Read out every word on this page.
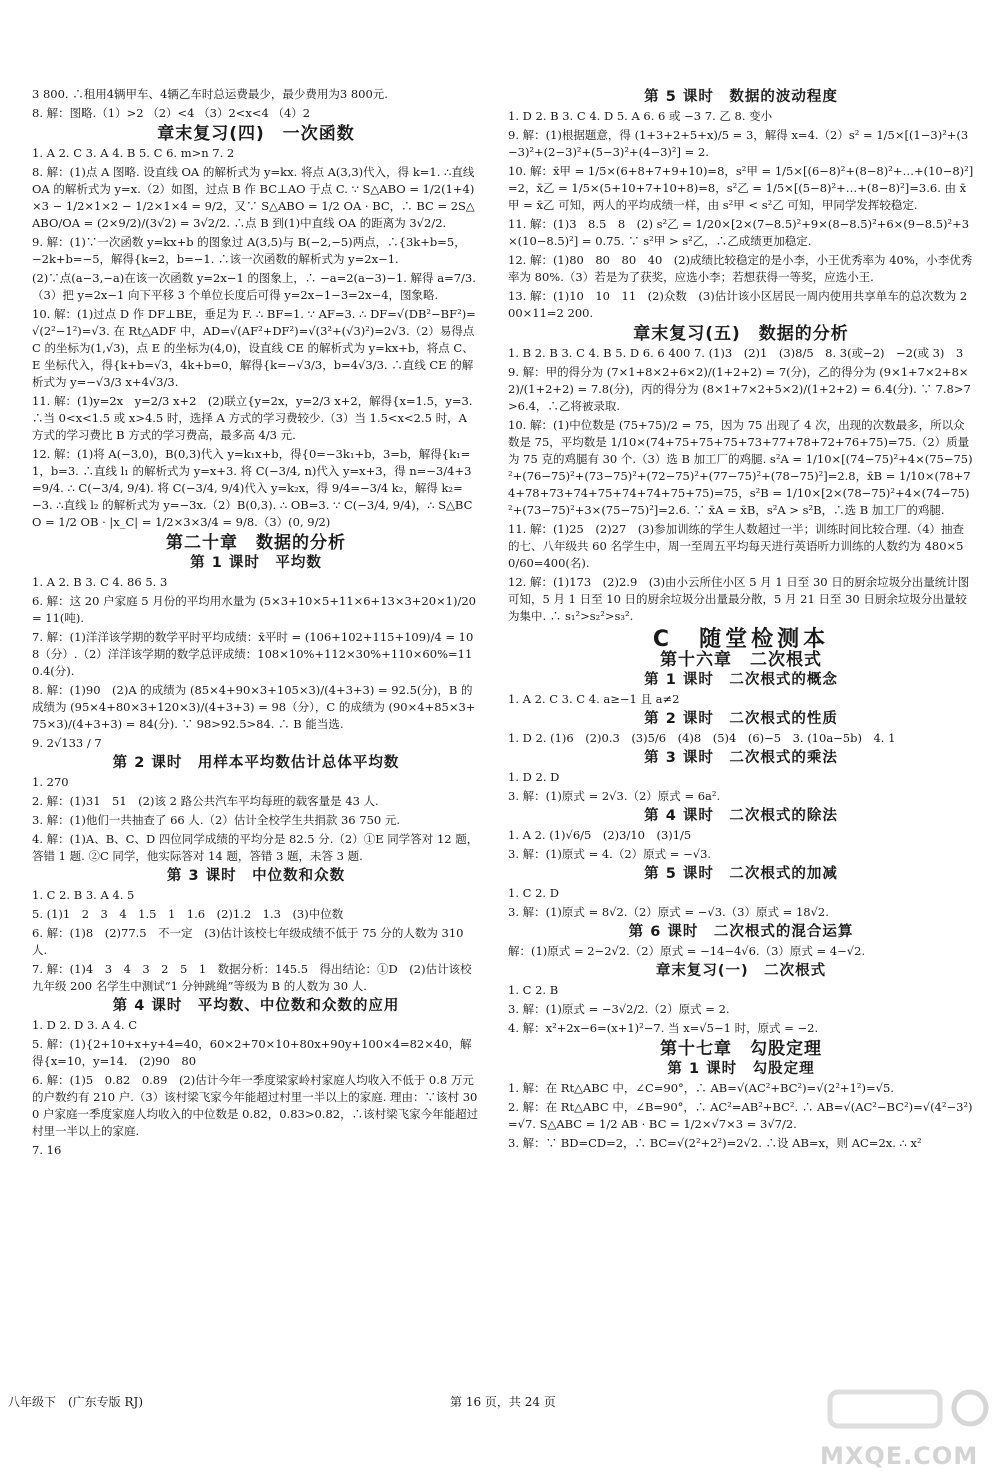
3 800. ∴租用4辆甲车、4辆乙车时总运费最少，最少费用为3 800元.

8. 解：图略.（1）>2 （2）<4 （3）2<x<4 （4）2

章末复习(四)　一次函数

1. A 2. C 3. A 4. B 5. C 6. m>n 7. 2

8. 解：(1)点 A 图略. 设直线 OA 的解析式为 y=kx. 将点 A(3,3)代入，得 k=1. ∴直线 OA 的解析式为 y=x.（2）如图，过点 B 作 BC⊥AO 于点 C. ∵ S△ABO = 1/2(1+4)×3 − 1/2×1×2 − 1/2×1×4 = 9/2，又∵ S△ABO = 1/2 OA · BC，∴ BC = 2S△ABO/OA = (2×9/2)/(3√2) = 3√2/2. ∴点 B 到(1)中直线 OA 的距离为 3√2/2.

9. 解：(1)∵一次函数 y=kx+b 的图象过 A(3,5)与 B(−2,−5)两点，∴{3k+b=5，−2k+b=−5，解得{k=2，b=−1. ∴该一次函数的解析式为 y=2x−1.

(2)∵点(a−3,−a)在该一次函数 y=2x−1 的图象上，∴ −a=2(a−3)−1. 解得 a=7/3.（3）把 y=2x−1 向下平移 3 个单位长度后可得 y=2x−1−3=2x−4，图象略.

10. 解：(1)过点 D 作 DF⊥BE，垂足为 F. ∴ BF=1. ∵ AF=3. ∴ DF=√(DB²−BF²)=√(2²−1²)=√3. 在 Rt△ADF 中，AD=√(AF²+DF²)=√(3²+(√3)²)=2√3.（2）易得点 C 的坐标为(1,√3)，点 E 的坐标为(4,0)，设直线 CE 的解析式为 y=kx+b，将点 C、E 坐标代入，得{k+b=√3，4k+b=0，解得{k=−√3/3，b=4√3/3. ∴直线 CE 的解析式为 y=−√3/3 x+4√3/3.

11. 解：(1)y=2x　y=2/3 x+2　(2)联立{y=2x，y=2/3 x+2，解得{x=1.5，y=3. ∴当 0<x<1.5 或 x>4.5 时，选择 A 方式的学习费较少.（3）当 1.5<x<2.5 时，A 方式的学习费比 B 方式的学习费高，最多高 4/3 元.

12. 解：(1)将 A(−3,0)，B(0,3)代入 y=k₁x+b，得{0=−3k₁+b，3=b，解得{k₁=1，b=3. ∴直线 l₁ 的解析式为 y=x+3. 将 C(−3/4, n)代入 y=x+3，得 n=−3/4+3=9/4. ∴ C(−3/4, 9/4). 将 C(−3/4, 9/4)代入 y=k₂x，得 9/4=−3/4 k₂，解得 k₂=−3. ∴直线 l₂ 的解析式为 y=−3x.（2）B(0,3). ∴ OB=3. ∵ C(−3/4, 9/4)，∴ S△BCO = 1/2 OB · |x_C| = 1/2×3×3/4 = 9/8.（3）(0, 9/2)

第二十章　数据的分析
第 1 课时　平均数

1. A 2. B 3. C 4. 86 5. 3

6. 解：这 20 户家庭 5 月份的平均用水量为 (5×3+10×5+11×6+13×3+20×1)/20 = 11(吨).

7. 解：(1)洋洋该学期的数学平时平均成绩：x̄平时 = (106+102+115+109)/4 = 108（分）.（2）洋洋该学期的数学总评成绩：108×10%+112×30%+110×60%=110.4(分).

8. 解：(1)90　(2)A 的成绩为 (85×4+90×3+105×3)/(4+3+3) = 92.5(分)，B 的成绩为 (95×4+80×3+120×3)/(4+3+3) = 98（分），C 的成绩为 (90×4+85×3+75×3)/(4+3+3) = 84(分). ∵ 98>92.5>84. ∴ B 能当选.

9. 2√133 / 7

第 2 课时　用样本平均数估计总体平均数

1. 270

2. 解：(1)31　51　(2)该 2 路公共汽车平均每班的载客量是 43 人.

3. 解：(1)他们一共抽查了 66 人.（2）估计全校学生共捐款 36 750 元.

4. 解：(1)A、B、C、D 四位同学成绩的平均分是 82.5 分.（2）①E 同学答对 12 题，答错 1 题. ②C 同学，他实际答对 14 题，答错 3 题，未答 3 题.

第 3 课时　中位数和众数

1. C 2. B 3. A 4. 5

5. (1)1　2　3　4　1.5　1　1.6　(2)1.2　1.3　(3)中位数

6. 解：(1)8　(2)77.5　不一定　(3)估计该校七年级成绩不低于 75 分的人数为 310 人.

7. 解：(1)4　3　4　3　2　5　1　数据分析：145.5　得出结论：①D　(2)估计该校九年级 200 名学生中测试“1 分钟跳绳”等级为 B 的人数为 30 人.

第 4 课时　平均数、中位数和众数的应用

1. D 2. D 3. A 4. C

5. 解：(1){2+10+x+y+4=40，60×2+70×10+80x+90y+100×4=82×40，解得{x=10，y=14.　(2)90　80

6. 解：(1)5　0.82　0.89　(2)估计今年一季度梁家岭村家庭人均收入不低于 0.8 万元的户数约有 210 户.（3）该村梁飞家今年能超过村里一半以上的家庭. 理由：∵该村 300 户家庭一季度家庭人均收入的中位数是 0.82，0.83>0.82，∴该村梁飞家今年能超过村里一半以上的家庭.

7. 16

第 5 课时　数据的波动程度

1. D 2. B 3. C 4. D 5. A 6. 6 或 −3 7. 乙 8. 变小

9. 解：(1)根据题意，得 (1+3+2+5+x)/5 = 3，解得 x=4.（2）s² = 1/5×[(1−3)²+(3−3)²+(2−3)²+(5−3)²+(4−3)²] = 2.

10. 解：x̄甲 = 1/5×(6+8+7+9+10)=8，s²甲 = 1/5×[(6−8)²+(8−8)²+…+(10−8)²]=2，x̄乙 = 1/5×(5+10+7+10+8)=8，s²乙 = 1/5×[(5−8)²+…+(8−8)²]=3.6. 由 x̄甲 = x̄乙 可知，两人的平均成绩一样，由 s²甲 < s²乙 可知，甲同学发挥较稳定.

11. 解：(1)3　8.5　8　(2) s²乙 = 1/20×[2×(7−8.5)²+9×(8−8.5)²+6×(9−8.5)²+3×(10−8.5)²] = 0.75. ∵ s²甲 > s²乙，∴乙成绩更加稳定.

12. 解：(1)80　80　80　40　(2)成绩比较稳定的是小李，小王优秀率为 40%，小李优秀率为 80%.（3）若是为了获奖，应选小李；若想获得一等奖，应选小王.

13. 解：(1)10　10　11　(2)众数　(3)估计该小区居民一周内使用共享单车的总次数为 200×11=2 200.

章末复习(五)　数据的分析

1. B 2. B 3. C 4. B 5. D 6. 6 400 7. (1)3　(2)1　(3)8/5　8. 3(或−2)　−2(或 3)　3

9. 解：甲的得分为 (7×1+8×2+6×2)/(1+2+2) = 7(分)，乙的得分为 (9×1+7×2+8×2)/(1+2+2) = 7.8(分)，丙的得分为 (8×1+7×2+5×2)/(1+2+2) = 6.4(分). ∵ 7.8>7>6.4，∴乙将被录取.

10. 解：(1)中位数是 (75+75)/2 = 75，因为 75 出现了 4 次，出现的次数最多，所以众数是 75，平均数是 1/10×(74+75+75+75+73+77+78+72+76+75)=75.（2）质量为 75 克的鸡腿有 30 个.（3）选 B 加工厂的鸡腿. s²A = 1/10×[(74−75)²+4×(75−75)²+(76−75)²+(73−75)²+(72−75)²+(77−75)²+(78−75)²]=2.8，x̄B = 1/10×(78+74+78+73+74+75+74+74+75+75)=75，s²B = 1/10×[2×(78−75)²+4×(74−75)²+(73−75)²+3×(75−75)²]=2.6. ∵ x̄A = x̄B，s²A > s²B，∴选 B 加工厂的鸡腿.

11. 解：(1)25　(2)27　(3)参加训练的学生人数超过一半；训练时间比较合理.（4）抽查的七、八年级共 60 名学生中，周一至周五平均每天进行英语听力训练的人数约为 480×50/60=400(名).

12. 解：(1)173　(2)2.9　(3)由小云所住小区 5 月 1 日至 30 日的厨余垃圾分出量统计图可知，5 月 1 日至 10 日的厨余垃圾分出量最分散，5 月 21 日至 30 日厨余垃圾分出量较为集中. ∴ s₁²>s₂²>s₃².

C　随堂检测本
第十六章　二次根式
第 1 课时　二次根式的概念

1. A 2. C 3. C 4. a≥−1 且 a≠2

第 2 课时　二次根式的性质

1. D 2. (1)6　(2)0.3　(3)5/6　(4)8　(5)4　(6)−5　3. (10a−5b)　4. 1

第 3 课时　二次根式的乘法

1. D 2. D

3. 解：(1)原式 = 2√3.（2）原式 = 6a².

第 4 课时　二次根式的除法

1. A 2. (1)√6/5　(2)3/10　(3)1/5

3. 解：(1)原式 = 4.（2）原式 = −√3.

第 5 课时　二次根式的加减

1. C 2. D

3. 解：(1)原式 = 8√2.（2）原式 = −√3.（3）原式 = 18√2.

第 6 课时　二次根式的混合运算

解：(1)原式 = 2−2√2.（2）原式 = −14−4√6.（3）原式 = 4−√2.

章末复习(一)　二次根式

1. C 2. B

3. 解：(1)原式 = −3√2/2.（2）原式 = 2.

4. 解：x²+2x−6=(x+1)²−7. 当 x=√5−1 时，原式 = −2.

第十七章　勾股定理
第 1 课时　勾股定理

1. 解：在 Rt△ABC 中，∠C=90°，∴ AB=√(AC²+BC²)=√(2²+1²)=√5.

2. 解：在 Rt△ABC 中，∠B=90°，∴ AC²=AB²+BC². ∴ AB=√(AC²−BC²)=√(4²−3²)=√7. S△ABC = 1/2 AB · BC = 1/2×√7×3 = 3√7/2.

3. 解：∵ BD=CD=2，∴ BC=√(2²+2²)=2√2. ∴设 AB=x，则 AC=2x. ∴ x²

八年级下　(广东专版 RJ)	第 16 页，共 24 页
MXQE.COM
